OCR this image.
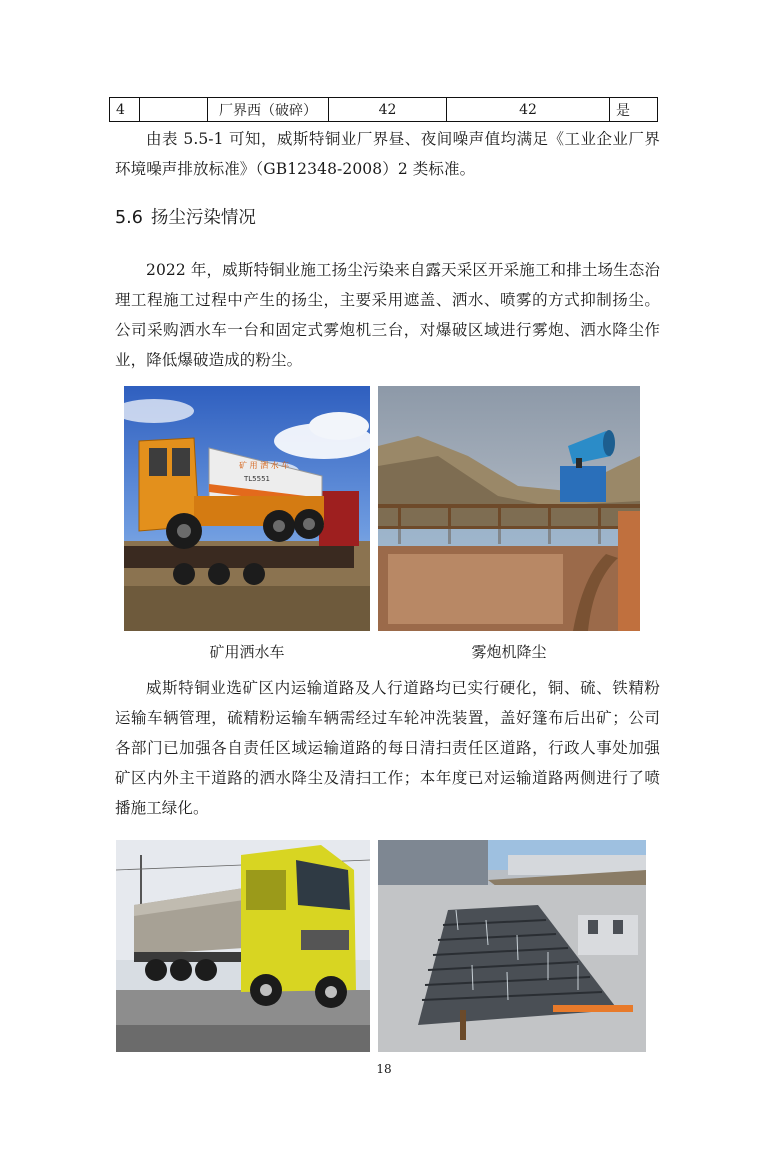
4		厂界西（破碎）	42	42	是

由表 5.5-1 可知，威斯特铜业厂界昼、夜间噪声值均满足《工业企业厂界环境噪声排放标准》（GB12348-2008）2 类标准。

5.6 扬尘污染情况

2022 年，威斯特铜业施工扬尘污染来自露天采区开采施工和排土场生态治理工程施工过程中产生的扬尘，主要采用遮盖、洒水、喷雾的方式抑制扬尘。公司采购洒水车一台和固定式雾炮机三台，对爆破区域进行雾炮、洒水降尘作业，降低爆破造成的粉尘。

矿 用 洒 水 车
TL5551
矿用洒水车	雾炮机降尘

威斯特铜业选矿区内运输道路及人行道路均已实行硬化，铜、硫、铁精粉运输车辆管理，硫精粉运输车辆需经过车轮冲洗装置，盖好篷布后出矿；公司各部门已加强各自责任区域运输道路的每日清扫责任区道路，行政人事处加强矿区内外主干道路的洒水降尘及清扫工作；本年度已对运输道路两侧进行了喷播施工绿化。

18
